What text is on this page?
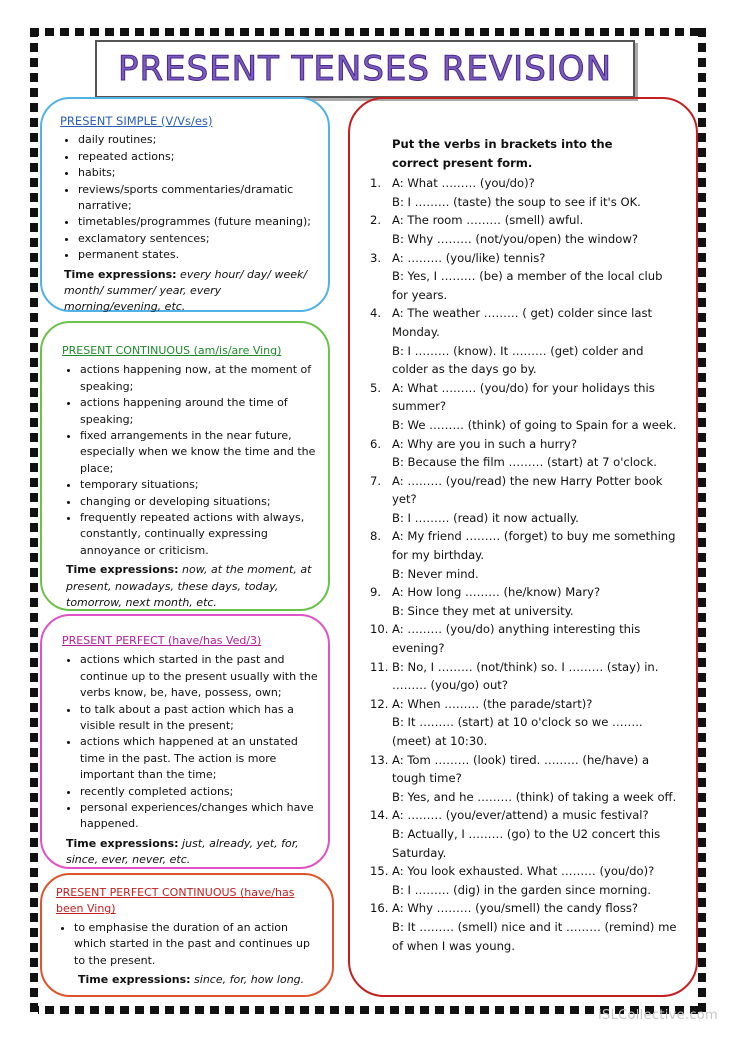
PRESENT TENSES REVISION
PRESENT SIMPLE (V/Vs/es)
• daily routines;
• repeated actions;
• habits;
• reviews/sports commentaries/dramatic narrative;
• timetables/programmes (future meaning);
• exclamatory sentences;
• permanent states.
Time expressions: every hour/ day/ week/ month/ summer/ year, every morning/evening, etc.
PRESENT CONTINUOUS (am/is/are Ving)
• actions happening now, at the moment of speaking;
• actions happening around the time of speaking;
• fixed arrangements in the near future, especially when we know the time and the place;
• temporary situations;
• changing or developing situations;
• frequently repeated actions with always, constantly, continually expressing annoyance or criticism.
Time expressions: now, at the moment, at present, nowadays, these days, today, tomorrow, next month, etc.
PRESENT PERFECT (have/has Ved/3)
• actions which started in the past and continue up to the present usually with the verbs know, be, have, possess, own;
• to talk about a past action which has a visible result in the present;
• actions which happened at an unstated time in the past. The action is more important than the time;
• recently completed actions;
• personal experiences/changes which have happened.
Time expressions: just, already, yet, for, since, ever, never, etc.
PRESENT PERFECT CONTINUOUS (have/has been Ving)
• to emphasise the duration of an action which started in the past and continues up to the present.
Time expressions: since, for, how long.
Put the verbs in brackets into the correct present form.
1. A: What ……… (you/do)?
B: I ……… (taste) the soup to see if it's OK.
2. A: The room ……… (smell) awful.
B: Why ……… (not/you/open) the window?
3. A: ……… (you/like) tennis?
B: Yes, I ……… (be) a member of the local club for years.
4. A: The weather ……… ( get) colder since last Monday.
B: I ……… (know). It ……… (get) colder and colder as the days go by.
5. A: What ……… (you/do) for your holidays this summer?
B: We ……… (think) of going to Spain for a week.
6. A: Why are you in such a hurry?
B: Because the film ……… (start) at 7 o'clock.
7. A: ……… (you/read) the new Harry Potter book yet?
B: I ……… (read) it now actually.
8. A: My friend ……… (forget) to buy me something for my birthday.
B: Never mind.
9. A: How long ……… (he/know) Mary?
B: Since they met at university.
10. A: ……… (you/do) anything interesting this evening?
11. B: No, I ……… (not/think) so. I ……… (stay) in. ……… (you/go) out?
12. A: When ……… (the parade/start)?
B: It ……… (start) at 10 o'clock so we …….. (meet) at 10:30.
13. A: Tom ……… (look) tired. ……… (he/have) a tough time?
B: Yes, and he ……… (think) of taking a week off.
14. A: ……… (you/ever/attend) a music festival?
B: Actually, I ……… (go) to the U2 concert this Saturday.
15. A: You look exhausted. What ……… (you/do)?
B: I ……… (dig) in the garden since morning.
16. A: Why ……… (you/smell) the candy floss?
B: It ……… (smell) nice and it ……… (remind) me of when I was young.
iSLCollective.com
